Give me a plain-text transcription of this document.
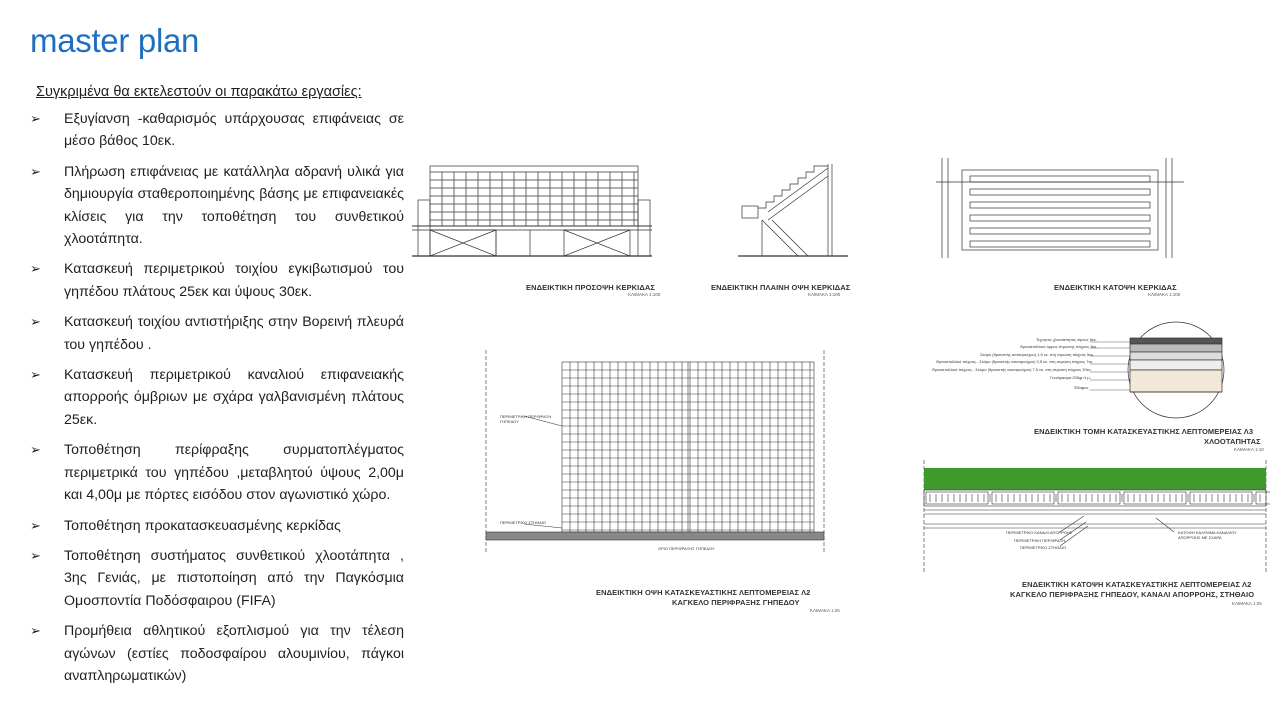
master plan

Συγκριμένα θα εκτελεστούν οι παρακάτω εργασίες:

➢	Εξυγίανση -καθαρισμός υπάρχουσας επιφάνειας σε μέσο βάθος 10εκ.
➢	Πλήρωση επιφάνειας με κατάλληλα αδρανή υλικά για δημιουργία σταθεροποιημένης βάσης με επιφανειακές κλίσεις για την τοποθέτηση του συνθετικού χλοοτάπητα.
➢	Κατασκευή περιμετρικού τοιχίου εγκιβωτισμού του γηπέδου πλάτους 25εκ και ύψους 30εκ.
➢	Κατασκευή τοιχίου αντιστήριξης στην Βορεινή πλευρά του γηπέδου .
➢	Κατασκευή περιμετρικού καναλιού επιφανειακής απορροής όμβριων με σχάρα γαλβανισμένη πλάτους 25εκ.
➢	Τοποθέτηση περίφραξης συρματοπλέγματος περιμετρικά του γηπέδου ,μεταβλητού ύψους 2,00μ και 4,00μ με πόρτες εισόδου στον αγωνιστικό χώρο.
➢	Τοποθέτηση προκατασκευασμένης κερκίδας
➢	Τοποθέτηση συστήματος συνθετικού χλοοτάπητα , 3ης Γενιάς, με πιστοποίηση από την Παγκόσμια Ομοσποντία Ποδόσφαιρου (FIFA)
➢	Προμήθεια αθλητικού εξοπλισμού για την τέλεση αγώνων (εστίες ποδοσφαίρου αλουμινίου, πάγκοι αναπληρωματικών)
ΕΝΔΕΙΚΤΙΚΗ ΠΡΟΣΟΨΗ ΚΕΡΚΙΔΑΣ
ΚΛΙΜΑΚΑ 1:100
ΕΝΔΕΙΚΤΙΚΗ ΠΛΑΙΝΗ ΟΨΗ ΚΕΡΚΙΔΑΣ
ΚΛΙΜΑΚΑ 1:100
ΕΝΔΕΙΚΤΙΚΗ ΚΑΤΟΨΗ ΚΕΡΚΙΔΑΣ
ΚΛΙΜΑΚΑ 1:100
ΠΕΡΙΜΕΤΡΙΚΗ ΠΕΡΙΦΡΑΞΗ ΓΗΠΕΔΟΥ
ΠΕΡΙΜΕΤΡΙΚΟ ΣΤΗΘΑΙΟ
ΟΡΙΟ ΠΕΡΙΦΡΑΞΗΣ ΓΗΠΕΔΟΥ
ΕΝΔΕΙΚΤΙΚΗ ΟΨΗ ΚΑΤΑΣΚΕΥΑΣΤΙΚΗΣ ΛΕΠΤΟΜΕΡΕΙΑΣ Λ2
ΚΑΓΚΕΛΟ ΠΕΡΙΦΡΑΞΗΣ ΓΗΠΕΔΟΥ
ΚΛΙΜΑΚΑ 1:25
Τεχνητός χλοοτάπητας ύψους 6εκ.
Θραυστοϋλικό άμμος στρώσης πάχους 3εκ.
Σκύρο (θραυστής ασοπρούχου) 1,5 εκ. στη στρώση πάχους 5εκ.
Θραυστοϋλικό πάχους - Σκύρο (θραυστής ασοπρούχου) 3,5 εκ. στη στρώση πάχους 7εκ.
Θραυστοϋλικό πάχους - Σκύρο (θραυστής ασοπρούχου) 7,5 εκ. στη στρώση πάχους 20εκ.
Γεωύφασμα 200gr./τ.μ.
Έδαφος
ΕΝΔΕΙΚΤΙΚΗ ΤΟΜΗ ΚΑΤΑΣΚΕΥΑΣΤΙΚΗΣ ΛΕΠΤΟΜΕΡΕΙΑΣ Λ3
ΧΛΟΟΤΑΠΗΤΑΣ
ΚΛΙΜΑΚΑ 1:10
ΠΕΡΙΜΕΤΡΙΚΟ ΚΑΝΑΛΙ ΑΠΟΡΡΟΗΣ
ΠΕΡΙΜΕΤΡΙΚΗ ΠΕΡΙΦΡΑΞΗ
ΠΕΡΙΜΕΤΡΙΚΟ ΣΤΗΘΑΙΟ
ΚΑΤΟΨΗ ΚΑΛΥΜΜΑ ΚΑΝΑΛΙΟΥ ΑΠΟΡΡΟΗΣ ΜΕ ΣΧΑΡΑ
ΕΝΔΕΙΚΤΙΚΗ ΚΑΤΟΨΗ ΚΑΤΑΣΚΕΥΑΣΤΙΚΗΣ ΛΕΠΤΟΜΕΡΕΙΑΣ Λ2
ΚΑΓΚΕΛΟ ΠΕΡΙΦΡΑΞΗΣ ΓΗΠΕΔΟΥ, ΚΑΝΑΛΙ ΑΠΟΡΡΟΗΣ, ΣΤΗΘΑΙΟ
ΚΛΙΜΑΚΑ 1:25
